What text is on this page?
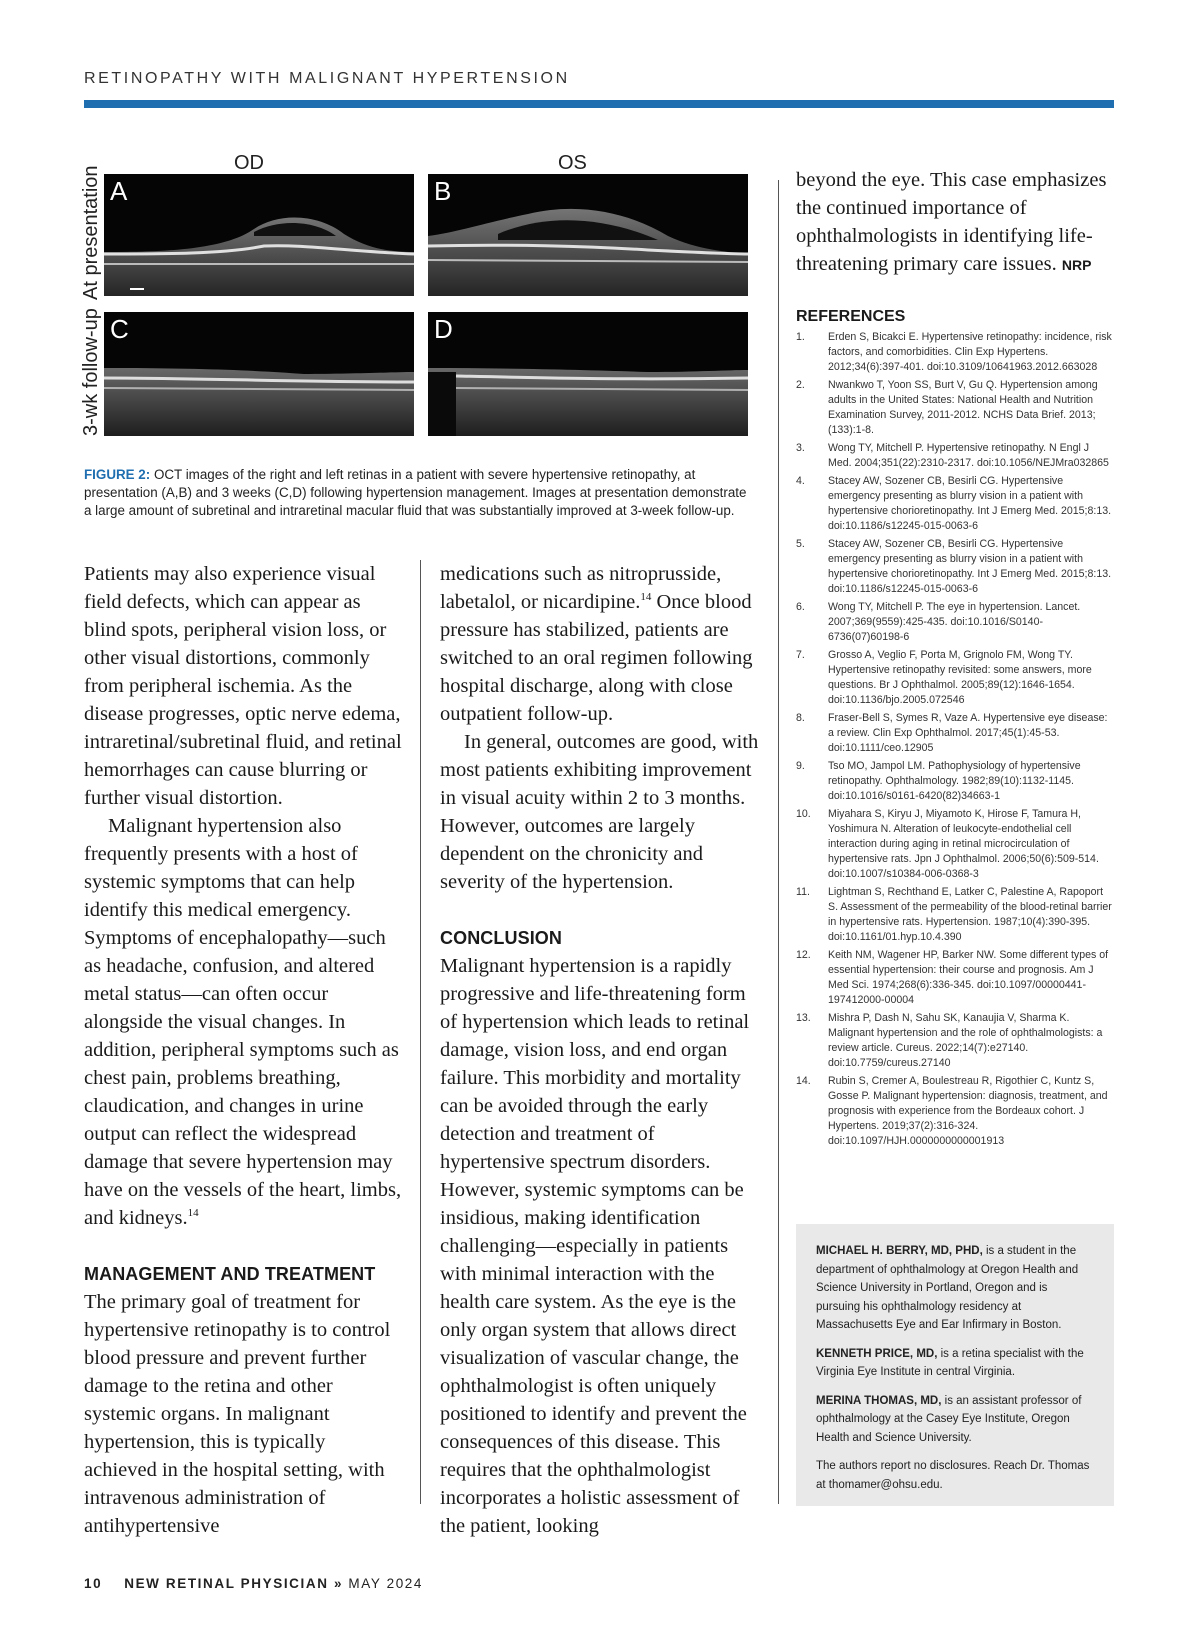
RETINOPATHY WITH MALIGNANT HYPERTENSION
OD	OS
At presentation
3-wk follow-up
A	B
C	D
FIGURE 2: OCT images of the right and left retinas in a patient with severe hypertensive retinopathy, at presentation (A,B) and 3 weeks (C,D) following hypertension management. Images at presentation demonstrate a large amount of subretinal and intraretinal macular fluid that was substantially improved at 3-week follow-up.

Patients may also experience visual field defects, which can appear as blind spots, peripheral vision loss, or other visual distortions, commonly from peripheral ischemia. As the disease progresses, optic nerve edema, intraretinal/subretinal fluid, and retinal hemorrhages can cause blurring or further visual distortion.

Malignant hypertension also frequently presents with a host of systemic symptoms that can help identify this medical emergency. Symptoms of encephalopathy—such as headache, confusion, and altered metal status—can often occur alongside the visual changes. In addition, peripheral symptoms such as chest pain, problems breathing, claudication, and changes in urine output can reflect the widespread damage that severe hypertension may have on the vessels of the heart, limbs, and kidneys.$^{14}$

MANAGEMENT AND TREATMENT

The primary goal of treatment for hypertensive retinopathy is to control blood pressure and prevent further damage to the retina and other systemic organs. In malignant hypertension, this is typically achieved in the hospital setting, with intravenous administration of antihypertensive

medications such as nitroprusside, labetalol, or nicardipine.$^{14}$ Once blood pressure has stabilized, patients are switched to an oral regimen following hospital discharge, along with close outpatient follow-up.

In general, outcomes are good, with most patients exhibiting improvement in visual acuity within 2 to 3 months. However, outcomes are largely dependent on the chronicity and severity of the hypertension.

CONCLUSION

Malignant hypertension is a rapidly progressive and life-threatening form of hypertension which leads to retinal damage, vision loss, and end organ failure. This morbidity and mortality can be avoided through the early detection and treatment of hypertensive spectrum disorders. However, systemic symptoms can be insidious, making identification challenging—especially in patients with minimal interaction with the health care system. As the eye is the only organ system that allows direct visualization of vascular change, the ophthalmologist is often uniquely positioned to identify and prevent the consequences of this disease. This requires that the ophthalmologist incorporates a holistic assessment of the patient, looking

beyond the eye. This case emphasizes the continued importance of ophthalmologists in identifying life-threatening primary care issues. NRP

REFERENCES
1. Erden S, Bicakci E. Hypertensive retinopathy: incidence, risk factors, and comorbidities. Clin Exp Hypertens. 2012;34(6):397-401. doi:10.3109/10641963.2012.663028
2. Nwankwo T, Yoon SS, Burt V, Gu Q. Hypertension among adults in the United States: National Health and Nutrition Examination Survey, 2011-2012. NCHS Data Brief. 2013;(133):1-8.
3. Wong TY, Mitchell P. Hypertensive retinopathy. N Engl J Med. 2004;351(22):2310-2317. doi:10.1056/NEJMra032865
4. Stacey AW, Sozener CB, Besirli CG. Hypertensive emergency presenting as blurry vision in a patient with hypertensive chorioretinopathy. Int J Emerg Med. 2015;8:13. doi:10.1186/s12245-015-0063-6
5. Stacey AW, Sozener CB, Besirli CG. Hypertensive emergency presenting as blurry vision in a patient with hypertensive chorioretinopathy. Int J Emerg Med. 2015;8:13. doi:10.1186/s12245-015-0063-6
6. Wong TY, Mitchell P. The eye in hypertension. Lancet. 2007;369(9559):425-435. doi:10.1016/S0140-6736(07)60198-6
7. Grosso A, Veglio F, Porta M, Grignolo FM, Wong TY. Hypertensive retinopathy revisited: some answers, more questions. Br J Ophthalmol. 2005;89(12):1646-1654. doi:10.1136/bjo.2005.072546
8. Fraser-Bell S, Symes R, Vaze A. Hypertensive eye disease: a review. Clin Exp Ophthalmol. 2017;45(1):45-53. doi:10.1111/ceo.12905
9. Tso MO, Jampol LM. Pathophysiology of hypertensive retinopathy. Ophthalmology. 1982;89(10):1132-1145. doi:10.1016/s0161-6420(82)34663-1
10. Miyahara S, Kiryu J, Miyamoto K, Hirose F, Tamura H, Yoshimura N. Alteration of leukocyte-endothelial cell interaction during aging in retinal microcirculation of hypertensive rats. Jpn J Ophthalmol. 2006;50(6):509-514. doi:10.1007/s10384-006-0368-3
11. Lightman S, Rechthand E, Latker C, Palestine A, Rapoport S. Assessment of the permeability of the blood-retinal barrier in hypertensive rats. Hypertension. 1987;10(4):390-395. doi:10.1161/01.hyp.10.4.390
12. Keith NM, Wagener HP, Barker NW. Some different types of essential hypertension: their course and prognosis. Am J Med Sci. 1974;268(6):336-345. doi:10.1097/00000441-197412000-00004
13. Mishra P, Dash N, Sahu SK, Kanaujia V, Sharma K. Malignant hypertension and the role of ophthalmologists: a review article. Cureus. 2022;14(7):e27140. doi:10.7759/cureus.27140
14. Rubin S, Cremer A, Boulestreau R, Rigothier C, Kuntz S, Gosse P. Malignant hypertension: diagnosis, treatment, and prognosis with experience from the Bordeaux cohort. J Hypertens. 2019;37(2):316-324. doi:10.1097/HJH.0000000000001913

MICHAEL H. BERRY, MD, PHD, is a student in the department of ophthalmology at Oregon Health and Science University in Portland, Oregon and is pursuing his ophthalmology residency at Massachusetts Eye and Ear Infirmary in Boston.

KENNETH PRICE, MD, is a retina specialist with the Virginia Eye Institute in central Virginia.

MERINA THOMAS, MD, is an assistant professor of ophthalmology at the Casey Eye Institute, Oregon Health and Science University.

The authors report no disclosures. Reach Dr. Thomas at thomamer@ohsu.edu.

10 NEW RETINAL PHYSICIAN » MAY 2024
